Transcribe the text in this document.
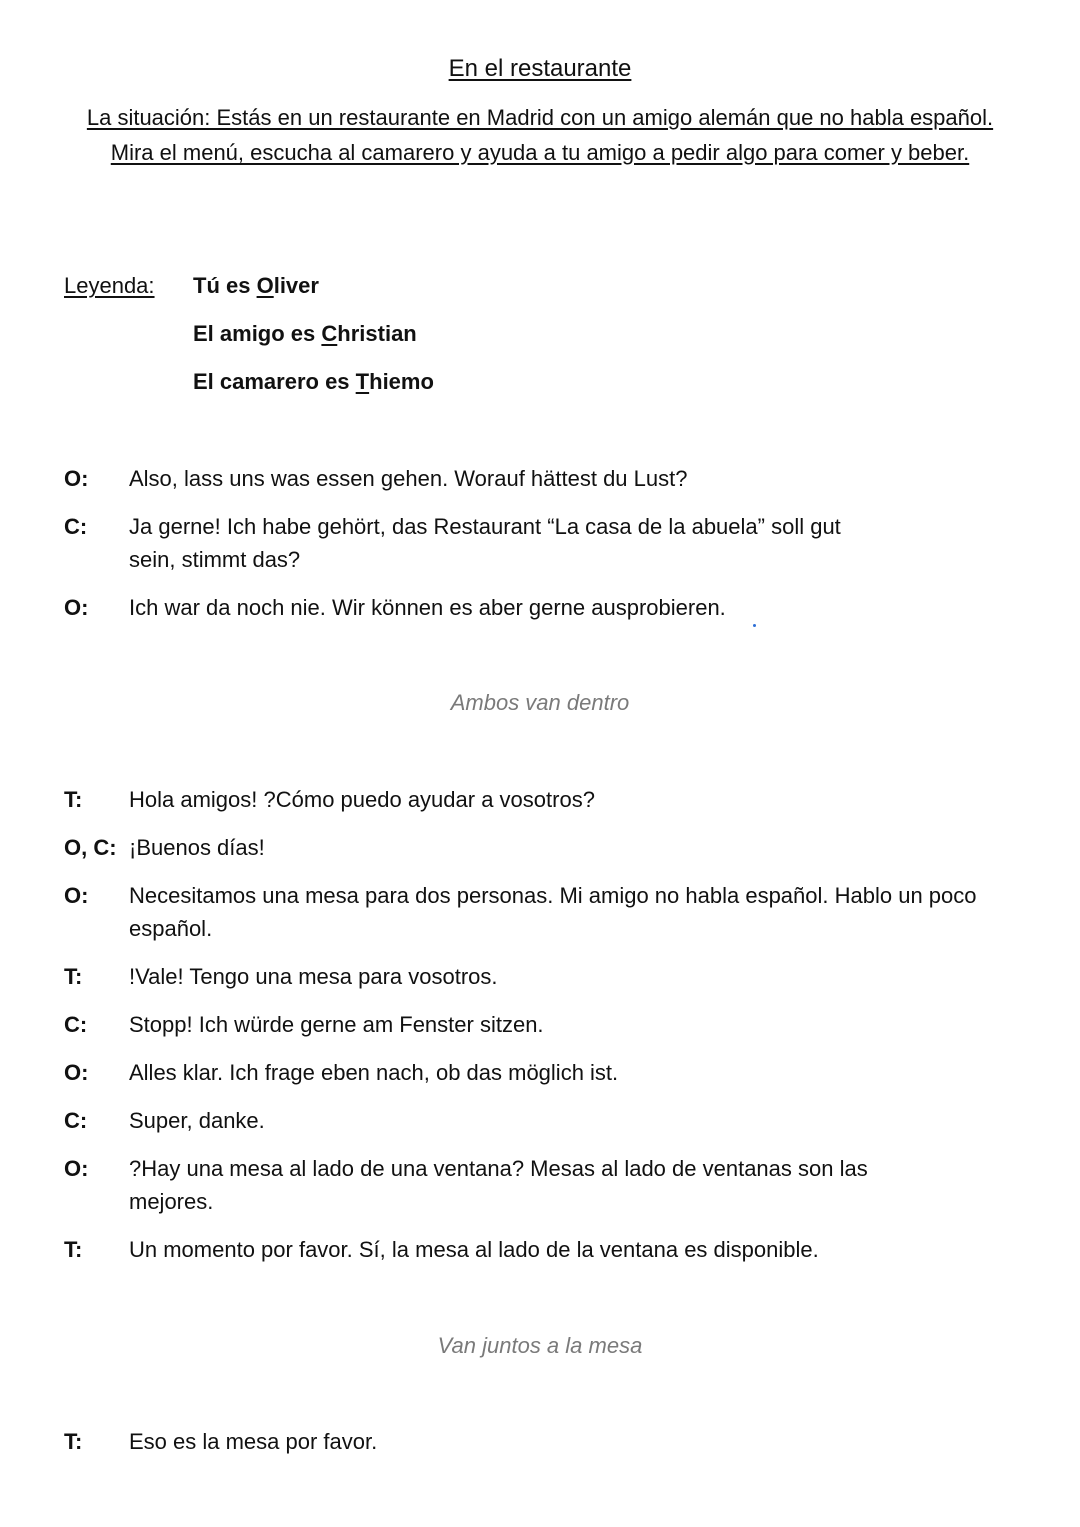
En el restaurante
La situación: Estás en un restaurante en Madrid con un amigo alemán que no habla español. Mira el menú, escucha al camarero y ayuda a tu amigo a pedir algo para comer y beber.
Leyenda: Tú es Oliver
El amigo es Christian
El camarero es Thiemo
O: Also, lass uns was essen gehen. Worauf hättest du Lust?
C: Ja gerne! Ich habe gehört, das Restaurant “La casa de la abuela” soll gut sein, stimmt das?
O: Ich war da noch nie. Wir können es aber gerne ausprobieren.
Ambos van dentro
T: Hola amigos! ?Cómo puedo ayudar a vosotros?
O, C: ¡Buenos días!
O: Necesitamos una mesa para dos personas. Mi amigo no habla español. Hablo un poco español.
T: !Vale! Tengo una mesa para vosotros.
C: Stopp! Ich würde gerne am Fenster sitzen.
O: Alles klar. Ich frage eben nach, ob das möglich ist.
C: Super, danke.
O: ?Hay una mesa al lado de una ventana? Mesas al lado de ventanas son las mejores.
T: Un momento por favor. Sí, la mesa al lado de la ventana es disponible.
Van juntos a la mesa
T: Eso es la mesa por favor.
